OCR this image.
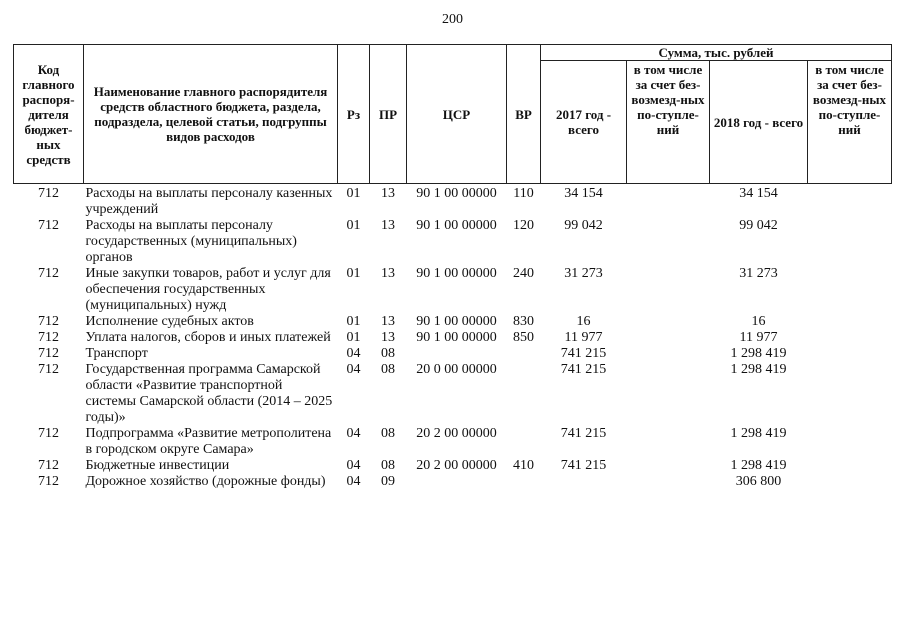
200
Код главного распоря-дителя бюджет-ных средств	Наименование главного распорядителя средств областного бюджета, раздела, подраздела, целевой статьи, подгруппы видов расходов	Рз	ПР	ЦСР	ВР	Сумма, тыс. рублей			
						2017 год - всего	в том числе за счет без-возмезд-ных по-ступле-ний	2018 год - всего	в том числе за счет без-возмезд-ных по-ступле-ний
712	Расходы на выплаты персоналу казенных учреждений	01	13	90 1 00 00000	110	34 154		34 154	
712	Расходы на выплаты персоналу государственных (муниципальных) органов	01	13	90 1 00 00000	120	99 042		99 042	
712	Иные закупки товаров, работ и услуг для обеспечения государственных (муниципальных) нужд	01	13	90 1 00 00000	240	31 273		31 273	
712	Исполнение судебных актов	01	13	90 1 00 00000	830	16		16	
712	Уплата налогов, сборов и иных платежей	01	13	90 1 00 00000	850	11 977		11 977	
712	Транспорт	04	08			741 215		1 298 419	
712	Государственная программа Самарской области «Развитие транспортной системы Самарской области (2014 – 2025 годы)»	04	08	20 0 00 00000		741 215		1 298 419	
712	Подпрограмма «Развитие метрополитена в городском округе Самара»	04	08	20 2 00 00000		741 215		1 298 419	
712	Бюджетные инвестиции	04	08	20 2 00 00000	410	741 215		1 298 419	
712	Дорожное хозяйство (дорожные фонды)	04	09					306 800	
